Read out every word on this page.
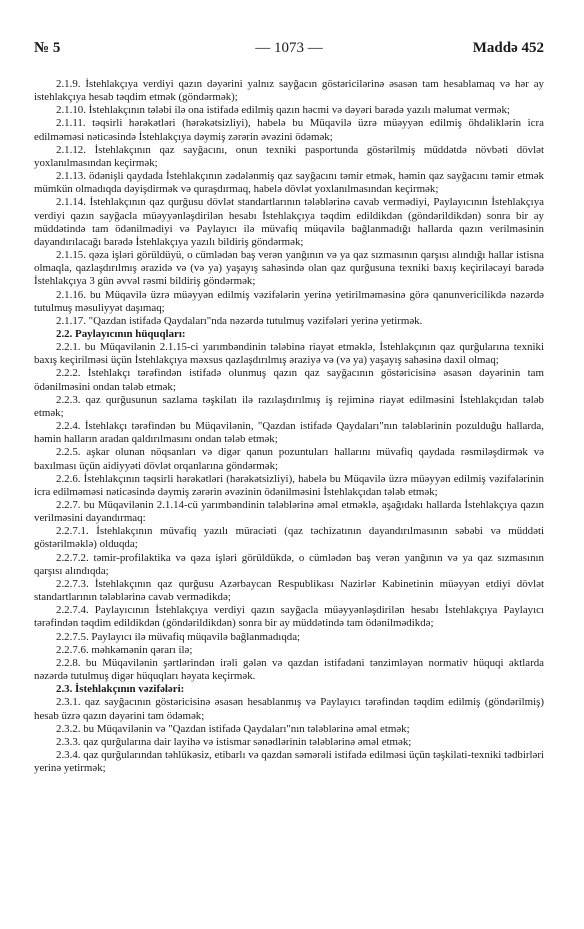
№ 5	— 1073 —	Maddə 452

2.1.9. İstehlakçıya verdiyi qazın dəyərini yalnız sayğacın göstəricilərinə əsasən tam hesablamaq və hər ay istehlakçıya hesab təqdim etmək (göndərmək);

2.1.10. İstehlakçının tələbi ilə ona istifadə edilmiş qazın həcmi və dəyəri barədə yazılı məlumat vermək;

2.1.11. təqsirli hərəkətləri (hərəkətsizliyi), habelə bu Müqavilə üzrə müəyyən edilmiş öhdəliklərin icra edilməməsi nəticəsində İstehlakçıya dəymiş zərərin əvəzini ödəmək;

2.1.12. İstehlakçının qaz sayğacını, onun texniki pasportunda göstərilmiş müddətdə növbəti dövlət yoxlanılmasından keçirmək;

2.1.13. ödənişli qaydada İstehlakçının zədələnmiş qaz sayğacını təmir etmək, həmin qaz sayğacını təmir etmək mümkün olmadıqda dəyişdirmək və quraşdırmaq, habelə dövlət yoxlanılmasından keçirmək;

2.1.14. İstehlakçının qaz qurğusu dövlət standartlarının tələblərinə cavab vermədiyi, Paylayıcının İstehlakçıya verdiyi qazın sayğacla müəyyənləşdirilən hesabı İstehlakçıya təqdim edildikdən (göndərildikdən) sonra bir ay müddətində tam ödənilmədiyi və Paylayıcı ilə müvafiq müqavilə bağlanmadığı hallarda qazın verilməsinin dayandırılacağı barədə İstehlakçıya yazılı bildiriş göndərmək;

2.1.15. qəza işləri görüldüyü, o cümlədən baş verən yanğının və ya qaz sızmasının qarşısı alındığı hallar istisna olmaqla, qazlaşdırılmış ərazidə və (və ya) yaşayış sahəsində olan qaz qurğusuna texniki baxış keçiriləcəyi barədə İstehlakçıya 3 gün əvvəl rəsmi bildiriş göndərmək;

2.1.16. bu Müqavilə üzrə müəyyən edilmiş vəzifələrin yerinə yetirilməməsinə görə qanunvericilikdə nəzərdə tutulmuş məsuliyyət daşımaq;

2.1.17. "Qazdan istifadə Qaydaları"nda nəzərdə tutulmuş vəzifələri yerinə yetirmək.

2.2. Paylayıcının hüquqları:

2.2.1. bu Müqavilənin 2.1.15-ci yarımbəndinin tələbinə riayət etməklə, İstehlakçının qaz qurğularına texniki baxış keçirilməsi üçün İstehlakçıya məxsus qazlaşdırılmış əraziyə və (və ya) yaşayış sahəsinə daxil olmaq;

2.2.2. İstehlakçı tərəfindən istifadə olunmuş qazın qaz sayğacının göstəricisinə əsasən dəyərinin tam ödənilməsini ondan tələb etmək;

2.2.3. qaz qurğusunun sazlama təşkilatı ilə razılaşdırılmış iş rejiminə riayət edilməsini İstehlakçıdan tələb etmək;

2.2.4. İstehlakçı tərəfindən bu Müqavilənin, "Qazdan istifadə Qaydaları"nın tələblərinin pozulduğu hallarda, həmin halların aradan qaldırılmasını ondan tələb etmək;

2.2.5. aşkar olunan nöqsanları və digər qanun pozuntuları hallarını müvafiq qaydada rəsmiləşdirmək və baxılması üçün aidiyyəti dövlət orqanlarına göndərmək;

2.2.6. İstehlakçının təqsirli hərəkətləri (hərəkətsizliyi), habelə bu Müqavilə üzrə müəyyən edilmiş vəzifələrinin icra edilməməsi nəticəsində dəymiş zərərin əvəzinin ödənilməsini İstehlakçıdan tələb etmək;

2.2.7. bu Müqavilənin 2.1.14-cü yarımbəndinin tələblərinə əməl etməklə, aşağıdakı hallarda İstehlakçıya qazın verilməsini dayandırmaq:

2.2.7.1. İstehlakçının müvafiq yazılı müraciəti (qaz təchizatının dayandırılmasının səbəbi və müddəti göstərilməklə) olduqda;

2.2.7.2. təmir-profilaktika və qəza işləri görüldükdə, o cümlədən baş verən yanğının və ya qaz sızmasının qarşısı alındıqda;

2.2.7.3. İstehlakçının qaz qurğusu Azərbaycan Respublikası Nazirlər Kabinetinin müəyyən etdiyi dövlət standartlarının tələblərinə cavab vermədikdə;

2.2.7.4. Paylayıcının İstehlakçıya verdiyi qazın sayğacla müəyyənləşdirilən hesabı İstehlakçıya Paylayıcı tərəfindən təqdim edildikdən (göndərildikdən) sonra bir ay müddətində tam ödənilmədikdə;

2.2.7.5. Paylayıcı ilə müvafiq müqavilə bağlanmadıqda;

2.2.7.6. məhkəmənin qərarı ilə;

2.2.8. bu Müqavilənin şərtlərindən irəli gələn və qazdan istifadəni tənzimləyən normativ hüquqi aktlarda nəzərdə tutulmuş digər hüquqları həyata keçirmək.

2.3. İstehlakçının vəzifələri:

2.3.1. qaz sayğacının göstəricisinə əsasən hesablanmış və Paylayıcı tərəfindən təqdim edilmiş (göndərilmiş) hesab üzrə qazın dəyərini tam ödəmək;

2.3.2. bu Müqavilənin və "Qazdan istifadə Qaydaları"nın tələblərinə əməl etmək;

2.3.3. qaz qurğularına dair layihə və istismar sənədlərinin tələblərinə əməl etmək;

2.3.4. qaz qurğularından təhlükəsiz, etibarlı və qazdan səmərəli istifadə edilməsi üçün təşkilati-texniki tədbirləri yerinə yetirmək;
